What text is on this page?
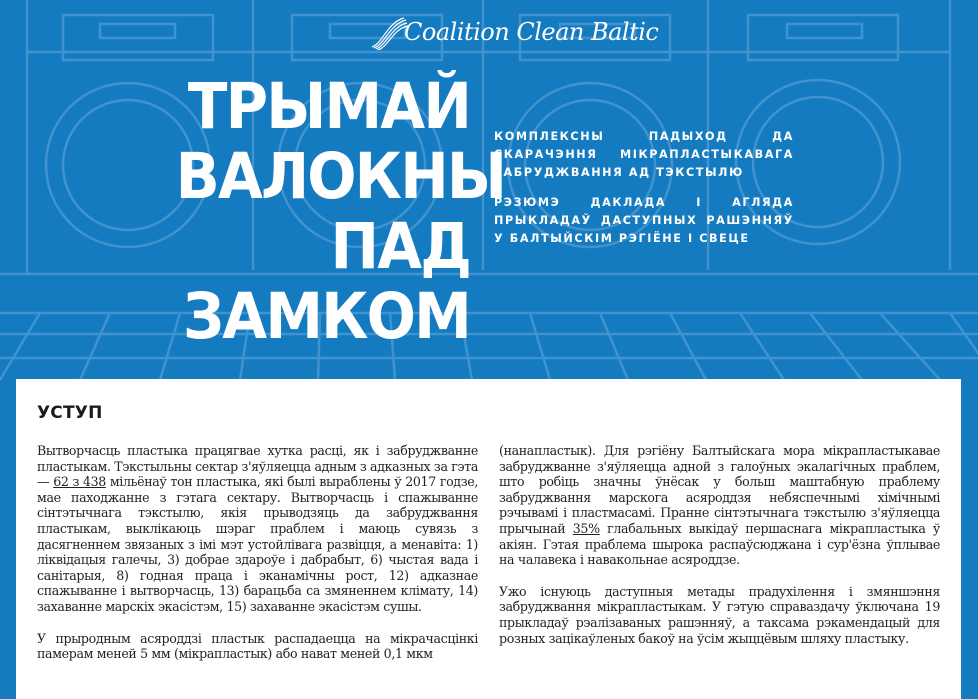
Coalition Clean Baltic
ТРЫМАЙ
ВАЛОКНЫ
ПАД
ЗАМКОМ

КОМПЛЕКСНЫ ПАДЫХОД ДА СКАРАЧЭННЯ МІКРАПЛАСТЫКАВАГА ЗАБРУДЖВАННЯ АД ТЭКСТЫЛЮ

РЭЗЮМЭ ДАКЛАДА І АГЛЯДА ПРЫКЛАДАЎ ДАСТУПНЫХ РАШЭННЯЎ У БАЛТЫЙСКІМ РЭГІЁНЕ І СВЕЦЕ

УСТУП

Вытворчасць пластыка працягвае хутка расці, як і забруджванне пластыкам. Тэкстыльны сектар з'яўляецца адным з адказных за гэта — 62 з 438 мільёнаў тон пластыка, які былі выраблены ў 2017 годзе, мае паходжанне з гэтага сектару. Вытворчасць і спажыванне сінтэтычнага тэкстылю, якія прыводзяць да забруджвання пластыкам, выклікаюць шэраг праблем і маюць сувязь з дасягненнем звязаных з імі мэт устойлівага развіцця, а менавіта: 1) ліквідацыя галечы, 3) добрае здароўе і дабрабыт, 6) чыстая вада і санітарыя, 8) годная праца і эканамічны рост, 12) адказнае спажыванне і вытворчасць, 13) барацьба са змяненнем клімату, 14) захаванне марскіх экасістэм, 15) захаванне экасістэм сушы.

У прыродным асяроддзі пластык распадаецца на мікрачасцінкі памерам меней 5 мм (мікрапластык) або нават меней 0,1 мкм

(нанапластык). Для рэгіёну Балтыйскага мора мікрапластыкавае забруджванне з'яўляецца адной з галоўных экалагічных праблем, што робіць значны ўнёсак у больш маштабную праблему забруджвання марскога асяроддзя небяспечнымі хімічнымі рэчывамі і пластмасамі. Пранне сінтэтычнага тэкстылю з'яўляецца прычынай 35% глабальных выкідаў першаснага мікрапластыка ў акіян. Гэтая праблема шырока распаўсюджана і сур'ёзна ўплывае на чалавека і навакольнае асяроддзе.

Ужо існуюць даступныя метады прадухілення і змяншэння забруджвання мікрапластыкам. У гэтую справаздачу ўключана 19 прыкладаў рэалізаваных рашэнняў, а таксама рэкамендацый для розных зацікаўленых бакоў на ўсім жыццёвым шляху пластыку.
